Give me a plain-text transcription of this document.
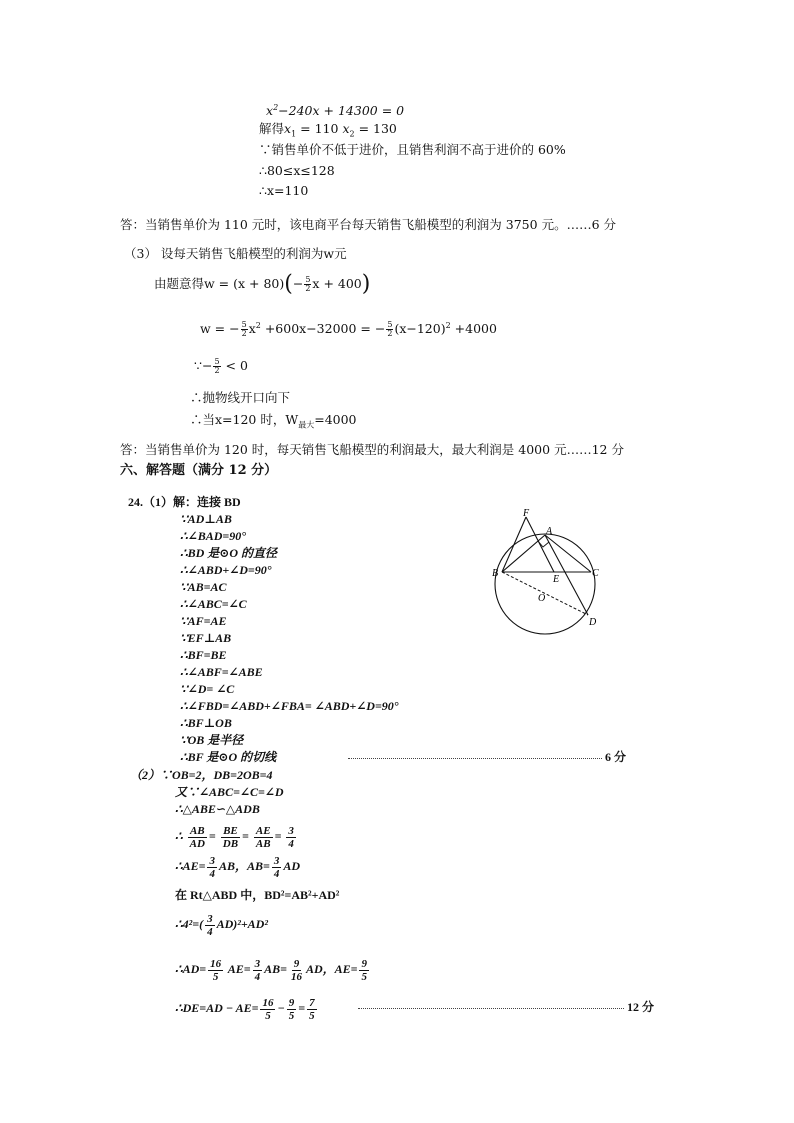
$x^2-240x + 14300 = 0$
解得$x_1 = 110$ $x_2 = 130$
∵销售单价不低于进价，且销售利润不高于进价的 60%
∴80≤x≤128
∴x=110
答：当销售单价为 110 元时，该电商平台每天销售飞船模型的利润为 3750 元。……6 分
（3） 设每天销售飞船模型的利润为w元
由题意得$w = (x + 80)(- \frac{5}{2}$ x + 400)
w = − $\frac{5}{2} x^2 +600x-32000$ = − $\frac{5}{2} (x-120)^2 +4000$
∵− $\frac{5}{2} < 0$
∴抛物线开口向下
∴当x=120 时，$W_{最大}=4000$
答：当销售单价为 120 时，每天销售飞船模型的利润最大，最大利润是 4000 元……12 分
六、解答题（满分 12 分）
24.（1）解：连接 BD
∵AD⊥AB
∴∠BAD=90°
∴BD 是⊙O 的直径
∴∠ABD+∠D=90°
∵AB=AC
∴∠ABC=∠C
∵AF=AE
∵EF⊥AB
∴BF=BE
∴∠ABF=∠ABE
∵∠D= ∠C
∴∠FBD=∠ABD+∠FBA= ∠ABD+∠D=90°
∴BF⊥OB
∵OB 是半径
∴BF 是⊙O 的切线	6 分
F
A
B	C
E
O
D
（2）∵OB=2，DB=2OB=4
又∵∠ABC=∠C=∠D
∴△ABE∽△ADB
∴ $\frac{AB}{AD} = \frac{BE}{DB} = \frac{AE}{AB} = \frac{3}{4}$
∴AE= $\frac{3}{4}$ AB，$AB= \frac{3}{4}$ AD
在 Rt△ABD 中，BD²=AB²+AD²
∴4²=( $\frac{3}{4} AD)^2+AD^2$
∴AD= $\frac{16}{5} AE= \frac{3}{4} AB= \frac{9}{16}$ AD，$AE= \frac{9}{5}$
∴DE=AD − $AE= \frac{16}{5} - \frac{9}{5} = \frac{7}{5}$	12 分
